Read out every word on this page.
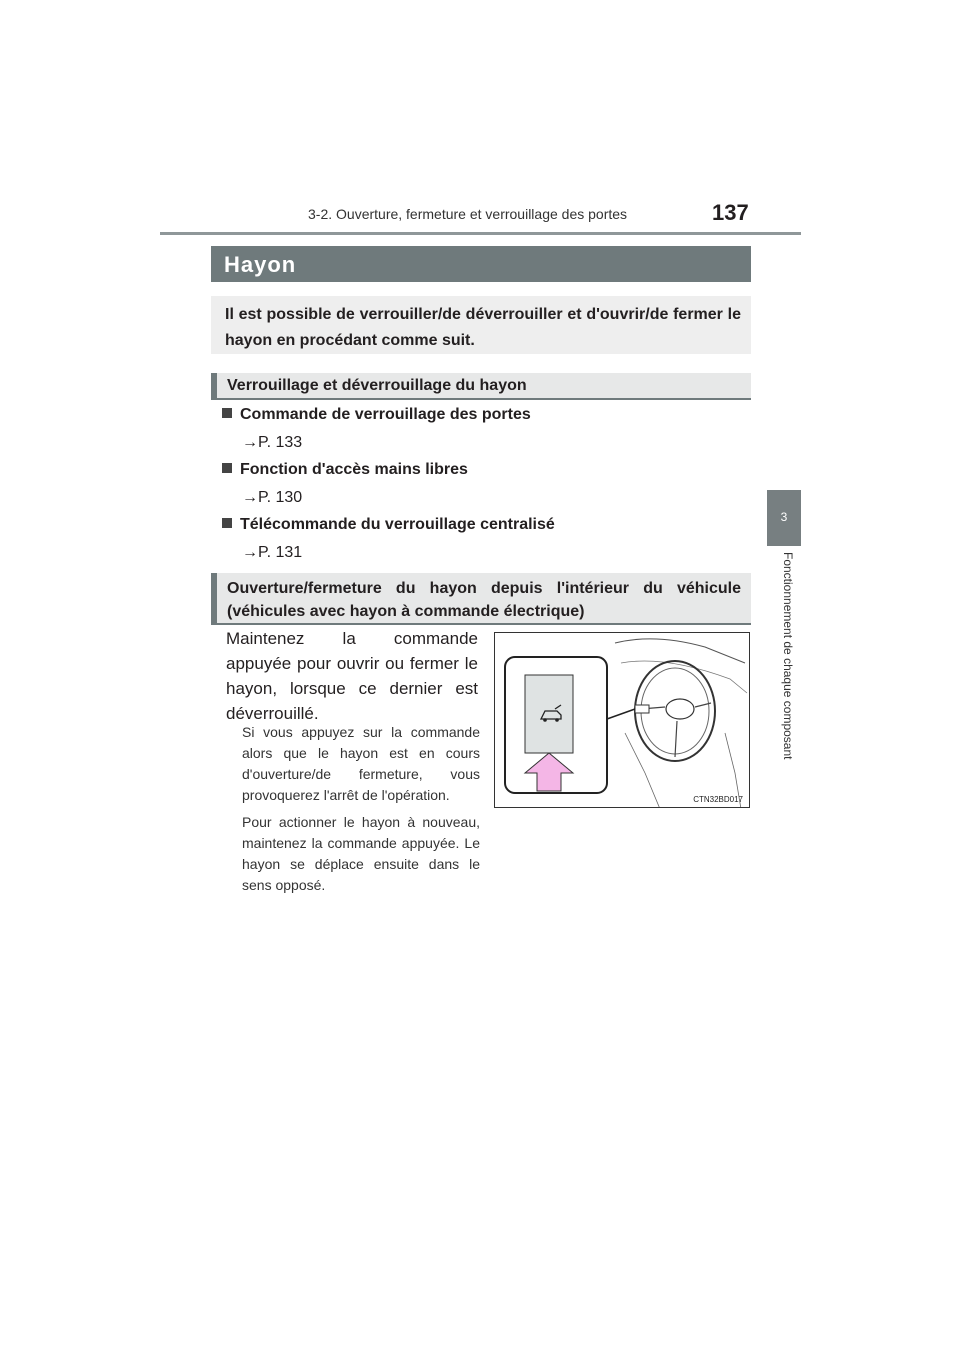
3-2. Ouverture, fermeture et verrouillage des portes	137
3
Fonctionnement de chaque composant
Hayon
Il est possible de verrouiller/de déverrouiller et d'ouvrir/de fermer le hayon en procédant comme suit.
Verrouillage et déverrouillage du hayon
Commande de verrouillage des portes
→P. 133
Fonction d'accès mains libres
→P. 130
Télécommande du verrouillage centralisé
→P. 131
Ouverture/fermeture du hayon depuis l'intérieur du véhicule (véhicules avec hayon à commande électrique)
Maintenez la commande appuyée pour ouvrir ou fermer le hayon, lorsque ce dernier est déverrouillé.
Si vous appuyez sur la commande alors que le hayon est en cours d'ouverture/de fermeture, vous provoquerez l'arrêt de l'opération.
Pour actionner le hayon à nouveau, maintenez la commande appuyée. Le hayon se déplace ensuite dans le sens opposé.
CTN32BD017
